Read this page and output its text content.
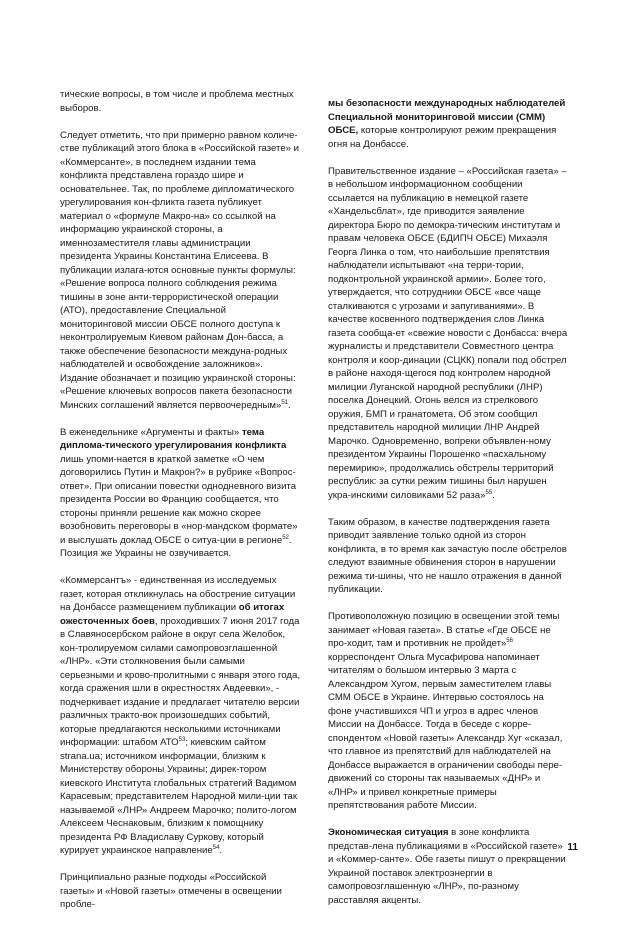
тические вопросы, в том числе и проблема местных выборов.

Следует отметить, что при примерно равном количе-стве публикаций этого блока в «Российской газете» и «Коммерсанте», в последнем издании тема конфликта представлена гораздо шире и основательнее. Так, по проблеме дипломатического урегулирования кон-фликта газета публикует материал о «формуле Макро-на» со ссылкой на информацию украинской стороны, а именнозаместителя главы администрации президента Украины Константина Елисеева. В публикации излага-ются основные пункты формулы: «Решение вопроса полного соблюдения режима тишины в зоне анти-террористической операции (АТО), предоставление Специальной мониторинговой миссии ОБСЕ полного доступа к неконтролируемым Киевом районам Дон-басса, а также обеспечение безопасности междуна-родных наблюдателей и освобождение заложников». Издание обозначает и позицию украинской стороны: «Решение ключевых вопросов пакета безопасности Минских соглашений является первоочередным»$^{51}$.

В еженедельнике «Аргументы и факты» тема диплома-тического урегулирования конфликта лишь упоми-нается в краткой заметке «О чем договорились Путин и Макрон?» в рубрике «Вопрос-ответ». При описании повестки однодневного визита президента России во Францию сообщается, что стороны приняли решение как можно скорее возобновить переговоры в «нор-мандском формате» и выслушать доклад ОБСЕ о ситуа-ции в регионе$^{52}$. Позиция же Украины не озвучивается.

«Коммерсантъ» - единственная из исследуемых газет, которая откликнулась на обострение ситуации на Донбассе размещением публикации об итогах ожесточенных боев, проходивших 7 июня 2017 года в Славяносербском районе в округ села Желобок, кон-тролируемом силами самопровозглашенной «ЛНР». «Эти столкновения были самыми серьезными и крово-пролитными с января этого года, когда сражения шли в окрестностях Авдеевки», - подчеркивает издание и предлагает читателю версии различных тракто-вок произошедших событий, которые предлагаются несколькими источниками информации: штабом АТО$^{53}$; киевским сайтом strana.ua; источником информации, близким к Министерству обороны Украины; дирек-тором киевского Института глобальных стратегий Вадимом Карасевым; представителем Народной мили-ции так называемой «ЛНР» Андреем Марочко; полито-логом Алексеем Чеснаковым, близким к помощнику президента РФ Владиславу Суркову, который курирует украинское направление$^{54}$.

Принципиально разные подходы «Российской газеты» и «Новой газеты» отмечены в освещении пробле-

мы безопасности международных наблюдателей Специальной мониторинговой миссии (СММ) ОБСЕ, которые контролируют режим прекращения огня на Донбассе.

Правительственное издание – «Российская газета» – в небольшом информационном сообщении ссылается на публикацию в немецкой газете «Хандельсблат», где приводится заявление директора Бюро по демокра-тическим институтам и правам человека ОБСЕ (БДИПЧ ОБСЕ) Михаэля Георга Линка о том, что наибольшие препятствия наблюдатели испытывают «на терри-тории, подконтрольной украинской армии». Более того, утверждается, что сотрудники ОБСЕ «все чаще сталкиваются с угрозами и запугиваниями». В качестве косвенного подтверждения слов Линка газета сообща-ет «свежие новости с Донбасса: вчера журналисты и представители Совместного центра контроля и коор-динации (СЦКК) попали под обстрел в районе находя-щегося под контролем народной милиции Луганской народной республики (ЛНР) поселка Донецкий. Огонь велся из стрелкового оружия, БМП и гранатомета. Об этом сообщил представитель народной милиции ЛНР Андрей Марочко. Одновременно, вопреки объявлен-ному президентом Украины Порошенко «пасхальному перемирию», продолжались обстрелы территорий республик: за сутки режим тишины был нарушен укра-инскими силовиками 52 раза»$^{55}$.

Таким образом, в качестве подтверждения газета приводит заявление только одной из сторон конфликта, в то время как зачастую после обстрелов следуют взаимные обвинения сторон в нарушении режима ти-шины, что не нашло отражения в данной публикации.

Противоположную позицию в освещении этой темы занимает «Новая газета». В статье «Где ОБСЕ не про-ходит, там и противник не пройдет»$^{56}$ корреспондент Ольга Мусафирова напоминает читателям о большом интервью 3 марта с Александром Хугом, первым заместителем главы СММ ОБСЕ в Украине. Интервью состоялось на фоне участившихся ЧП и угроз в адрес членов Миссии на Донбассе. Тогда в беседе с корре-спондентом «Новой газеты» Александр Хуг «сказал, что главное из препятствий для наблюдателей на Донбассе выражается в ограничении свободы пере-движений со стороны так называемых «ДНР» и «ЛНР» и привел конкретные примеры препятствования работе Миссии.

Экономическая ситуация в зоне конфликта представ-лена публикациями в «Российской газете» и «Коммер-санте». Обе газеты пишут о прекращении Украиной поставок электроэнергии в самопровозглашенную «ЛНР», по-разному расставляя акценты.

11
